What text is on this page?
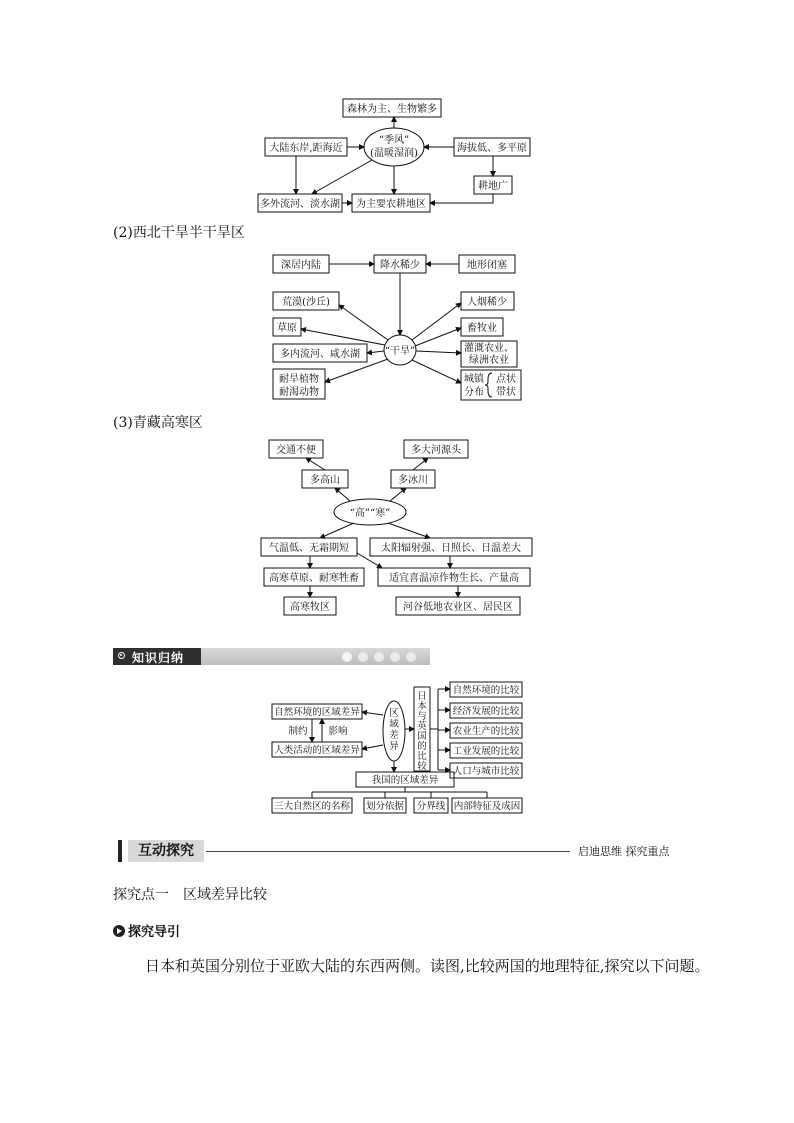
森林为主、生物繁多
大陆东岸,距海近
“季风”
(温暖湿润)	海拔低、多平原
耕地广
多外流河、淡水湖 为主要农耕地区
(2)西北干旱半干旱区
深居内陆	降水稀少	地形闭塞
荒漠(沙丘)
草原
多内流河、咸水湖
耐旱植物
耐渴动物
“干旱”
人烟稀少
畜牧业
灌溉农业、
绿洲农业
城镇
分布
点状
带状
(3)青藏高寒区
交通不便	多大河源头
多高山	多冰川
“高”“寒”
气温低、无霜期短	太阳辐射强、日照长、日温差大
高寒草原、耐寒牲畜	适宜喜温凉作物生长、产量高
高寒牧区	河谷低地农业区、居民区
知识归纳
自然环境的区域差异
制约 影响
人类活动的区域差异
自然环境的比较
经济发展的比较
农业生产的比较
工业发展的比较
人口与城市比较
我国的区域差异
三大自然区的名称 划分依据 分界线 内部特征及成因
区域差异
日本与英国的比较
互动探究	启迪思维 探究重点
探究点一　区域差异比较
探究导引
日本和英国分别位于亚欧大陆的东西两侧。读图,比较两国的地理特征,探究以下问题。
